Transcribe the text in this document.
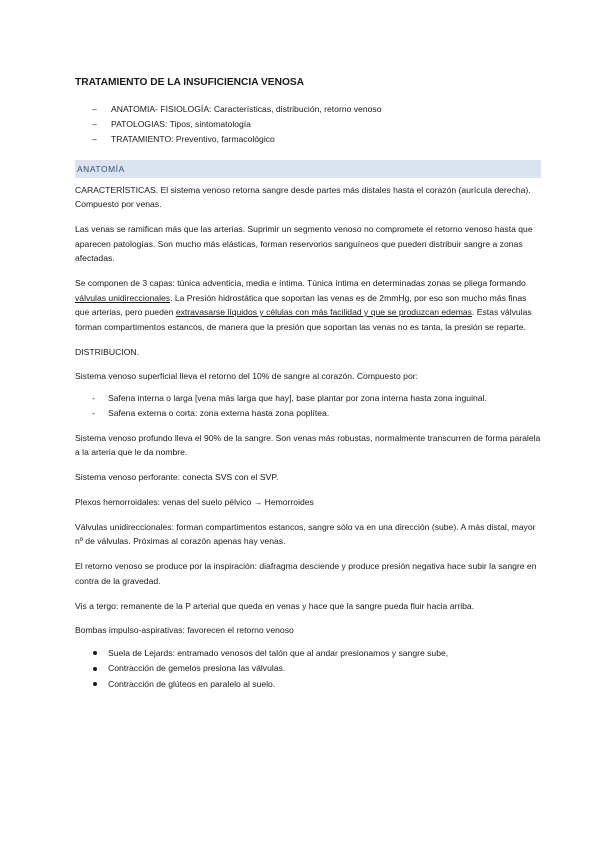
TRATAMIENTO DE LA INSUFICIENCIA VENOSA
– ANATOMIA- FISIOLOGÍA: Características, distribución, retorno venoso
– PATOLOGIAS: Tipos, sintomatología
– TRATAMIENTO: Preventivo, farmacológico
ANATOMÍA

CARACTERÍSTICAS. El sistema venoso retorna sangre desde partes más distales hasta el corazón (aurícula derecha). Compuesto por venas.

Las venas se ramifican más que las arterias. Suprimir un segmento venoso no compromete el retorno venoso hasta que aparecen patologías. Son mucho más elásticas, forman reservorios sanguíneos que pueden distribuir sangre a zonas afectadas.

Se componen de 3 capas: túnica adventicia, media e íntima. Túnica íntima en determinadas zonas se pliega formando válvulas unidireccionales. La Presión hidrostática que soportan las venas es de 2mmHg, por eso son mucho más finas que arterias, pero pueden extravasarse líquidos y células con más facilidad y que se produzcan edemas. Estas válvulas forman compartimentos estancos, de manera que la presión que soportan las venas no es tanta, la presión se reparte.

DISTRIBUCION.

Sistema venoso superficial lleva el retorno del 10% de sangre al corazón. Compuesto por:

- Safena interna o larga [vena más larga que hay], base plantar por zona interna hasta zona inguinal.
- Safena externa o corta: zona externa hasta zona poplítea.

Sistema venoso profundo lleva el 90% de la sangre. Son venas más robustas, normalmente transcurren de forma paralela a la arteria que le da nombre.

Sistema venoso perforante: conecta SVS con el SVP.

Plexos hemorroidales: venas del suelo pélvico → Hemorroides

Válvulas unidireccionales: forman compartimentos estancos, sangre sólo va en una dirección (sube). A más distal, mayor nº de válvulas. Próximas al corazón apenas hay venas.

El retorno venoso se produce por la inspiración: diafragma desciende y produce presión negativa hace subir la sangre en contra de la gravedad.

Vis a tergo: remanente de la P arterial que queda en venas y hace que la sangre pueda fluir hacia arriba.

Bombas impulso-aspirativas: favorecen el retorno venoso

Suela de Lejards: entramado venosos del talón que al andar presionamos y sangre sube,
Contracción de gemelos presiona las válvulas.
Contracción de glúteos en paralelo al suelo.
